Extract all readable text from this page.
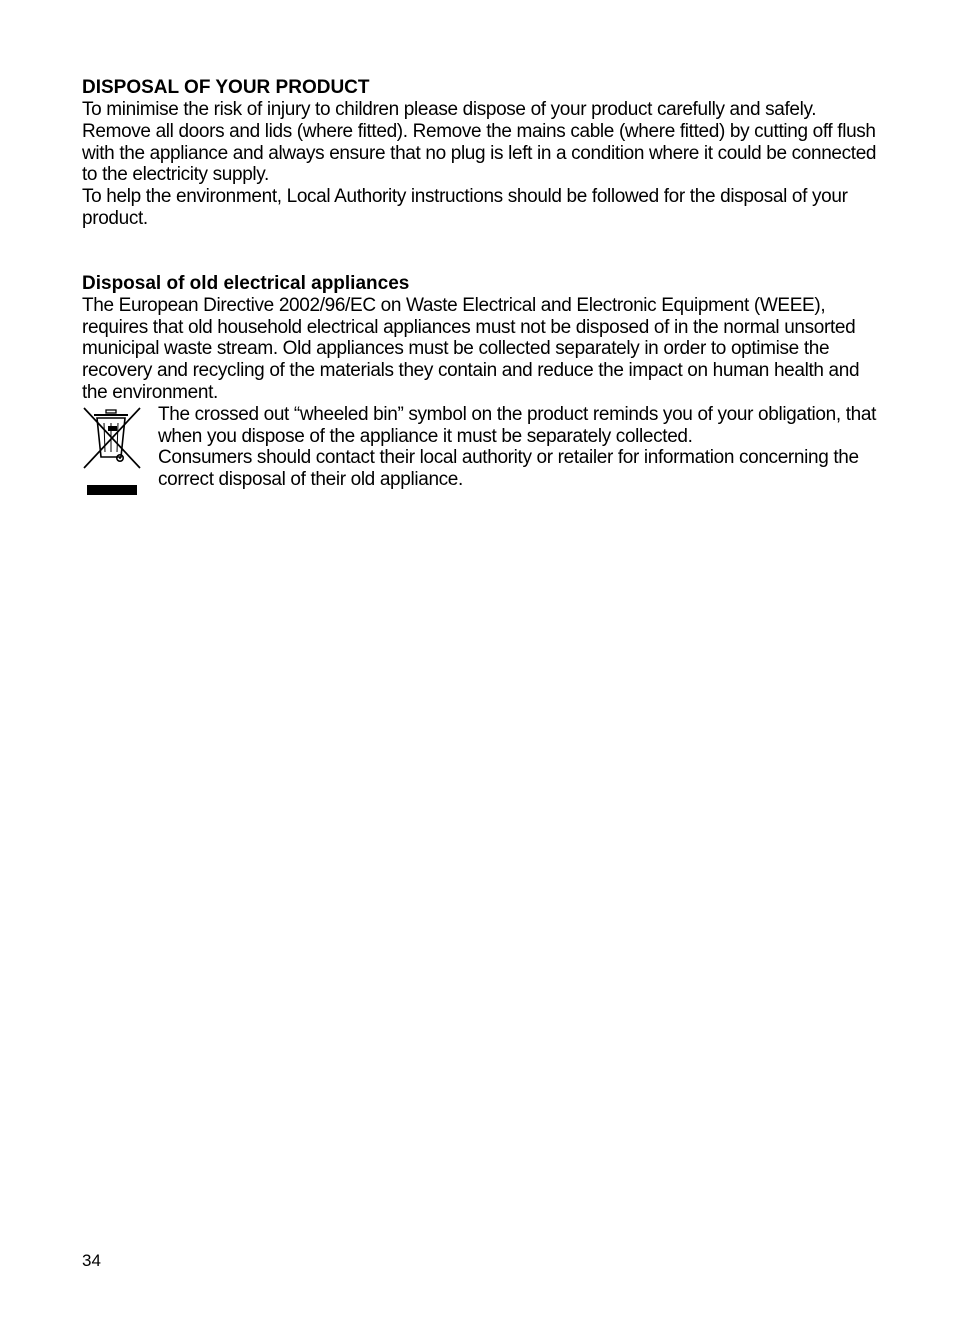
DISPOSAL OF YOUR PRODUCT

To minimise the risk of injury to children please dispose of your product carefully and safely. Remove all doors and lids (where fitted). Remove the mains cable (where fitted) by cutting off flush with the appliance and always ensure that no plug is left in a condition where it could be connected to the electricity supply.

To help the environment, Local Authority instructions should be followed for the disposal of your product.

Disposal of old electrical appliances

The European Directive 2002/96/EC on Waste Electrical and Electronic Equipment (WEEE), requires that old household electrical appliances must not be disposed of in the normal unsorted municipal waste stream. Old appliances must be collected separately in order to optimise the recovery and recycling of the materials they contain and reduce the impact on human health and the environment.

The crossed out “wheeled bin” symbol on the product reminds you of your obligation, that when you dispose of the appliance it must be separately collected.

Consumers should contact their local authority or retailer for information concerning the correct disposal of their old appliance.

34
